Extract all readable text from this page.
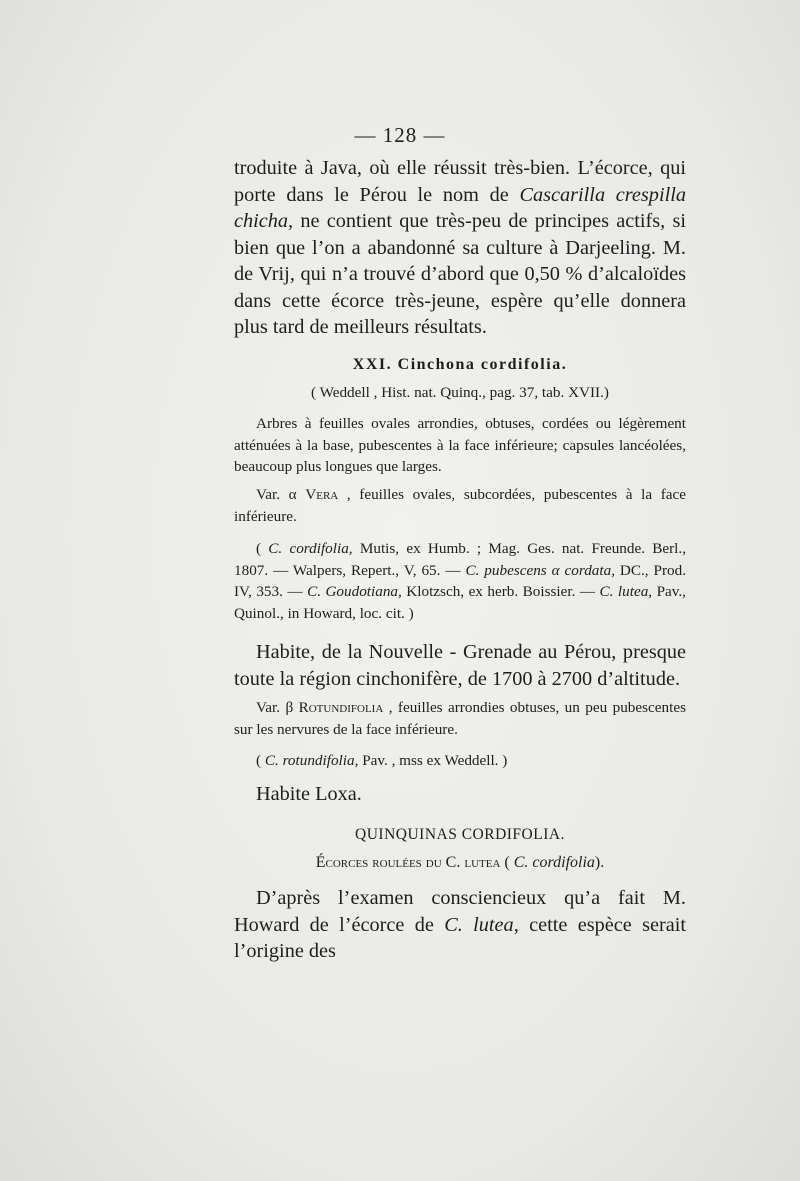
— 128 —

troduite à Java, où elle réussit très-bien. L’écorce, qui porte dans le Pérou le nom de Cascarilla crespilla chicha, ne contient que très-peu de principes actifs, si bien que l’on a abandonné sa culture à Darjeeling. M. de Vrij, qui n’a trouvé d’abord que 0,50 % d’alcaloïdes dans cette écorce très-jeune, espère qu’elle donnera plus tard de meilleurs résultats.

XXI. Cinchona cordifolia.
( Weddell , Hist. nat. Quinq., pag. 37, tab. XVII.)

Arbres à feuilles ovales arrondies, obtuses, cordées ou légèrement atténuées à la base, pubescentes à la face inférieure; capsules lancéolées, beaucoup plus longues que larges.

Var. α Vera , feuilles ovales, subcordées, pubescentes à la face inférieure.

( C. cordifolia, Mutis, ex Humb. ; Mag. Ges. nat. Freunde. Berl., 1807. — Walpers, Repert., V, 65. — C. pubescens α cordata, DC., Prod. IV, 353. — C. Goudotiana, Klotzsch, ex herb. Boissier. — C. lutea, Pav., Quinol., in Howard, loc. cit. )

Habite, de la Nouvelle - Grenade au Pérou, presque toute la région cinchonifère, de 1700 à 2700 d’altitude.

Var. β Rotundifolia , feuilles arrondies obtuses, un peu pubescentes sur les nervures de la face inférieure.

( C. rotundifolia, Pav. , mss ex Weddell. )

Habite Loxa.

QUINQUINAS CORDIFOLIA.
Écorces roulées du C. lutea ( C. cordifolia).

D’après l’examen consciencieux qu’a fait M. Howard de l’écorce de C. lutea, cette espèce serait l’origine des
